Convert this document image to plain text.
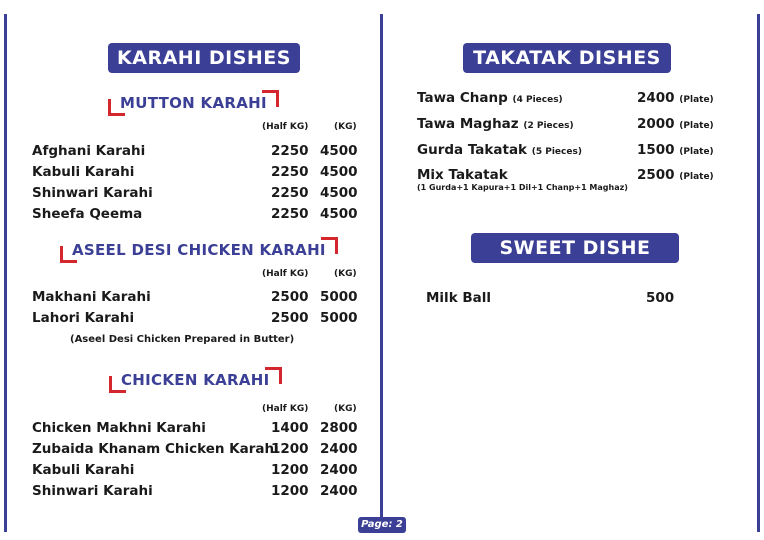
KARAHI DISHES
MUTTON KARAHI
(Half KG)	(KG)
Afghani Karahi	2250 4500
Kabuli Karahi	2250 4500
Shinwari Karahi	2250 4500
Sheefa Qeema	2250 4500
ASEEL DESI CHICKEN KARAHI
(Half KG)	(KG)
Makhani Karahi	2500 5000
Lahori Karahi	2500 5000
(Aseel Desi Chicken Prepared in Butter)
CHICKEN KARAHI
(Half KG)	(KG)
Chicken Makhni Karahi	1400 2800
Zubaida Khanam Chicken Karahi
1200 2400
Kabuli Karahi	1200 2400
Shinwari Karahi	1200 2400
TAKATAK DISHES
Tawa Chanp (4 Pieces)	2400 (Plate)
Tawa Maghaz (2 Pieces)	2000 (Plate)
Gurda Takatak (5 Pieces)	1500 (Plate)
Mix Takatak	2500 (Plate)
(1 Gurda+1 Kapura+1 Dil+1 Chanp+1 Maghaz)
SWEET DISHE
Milk Ball	500
Page: 2
